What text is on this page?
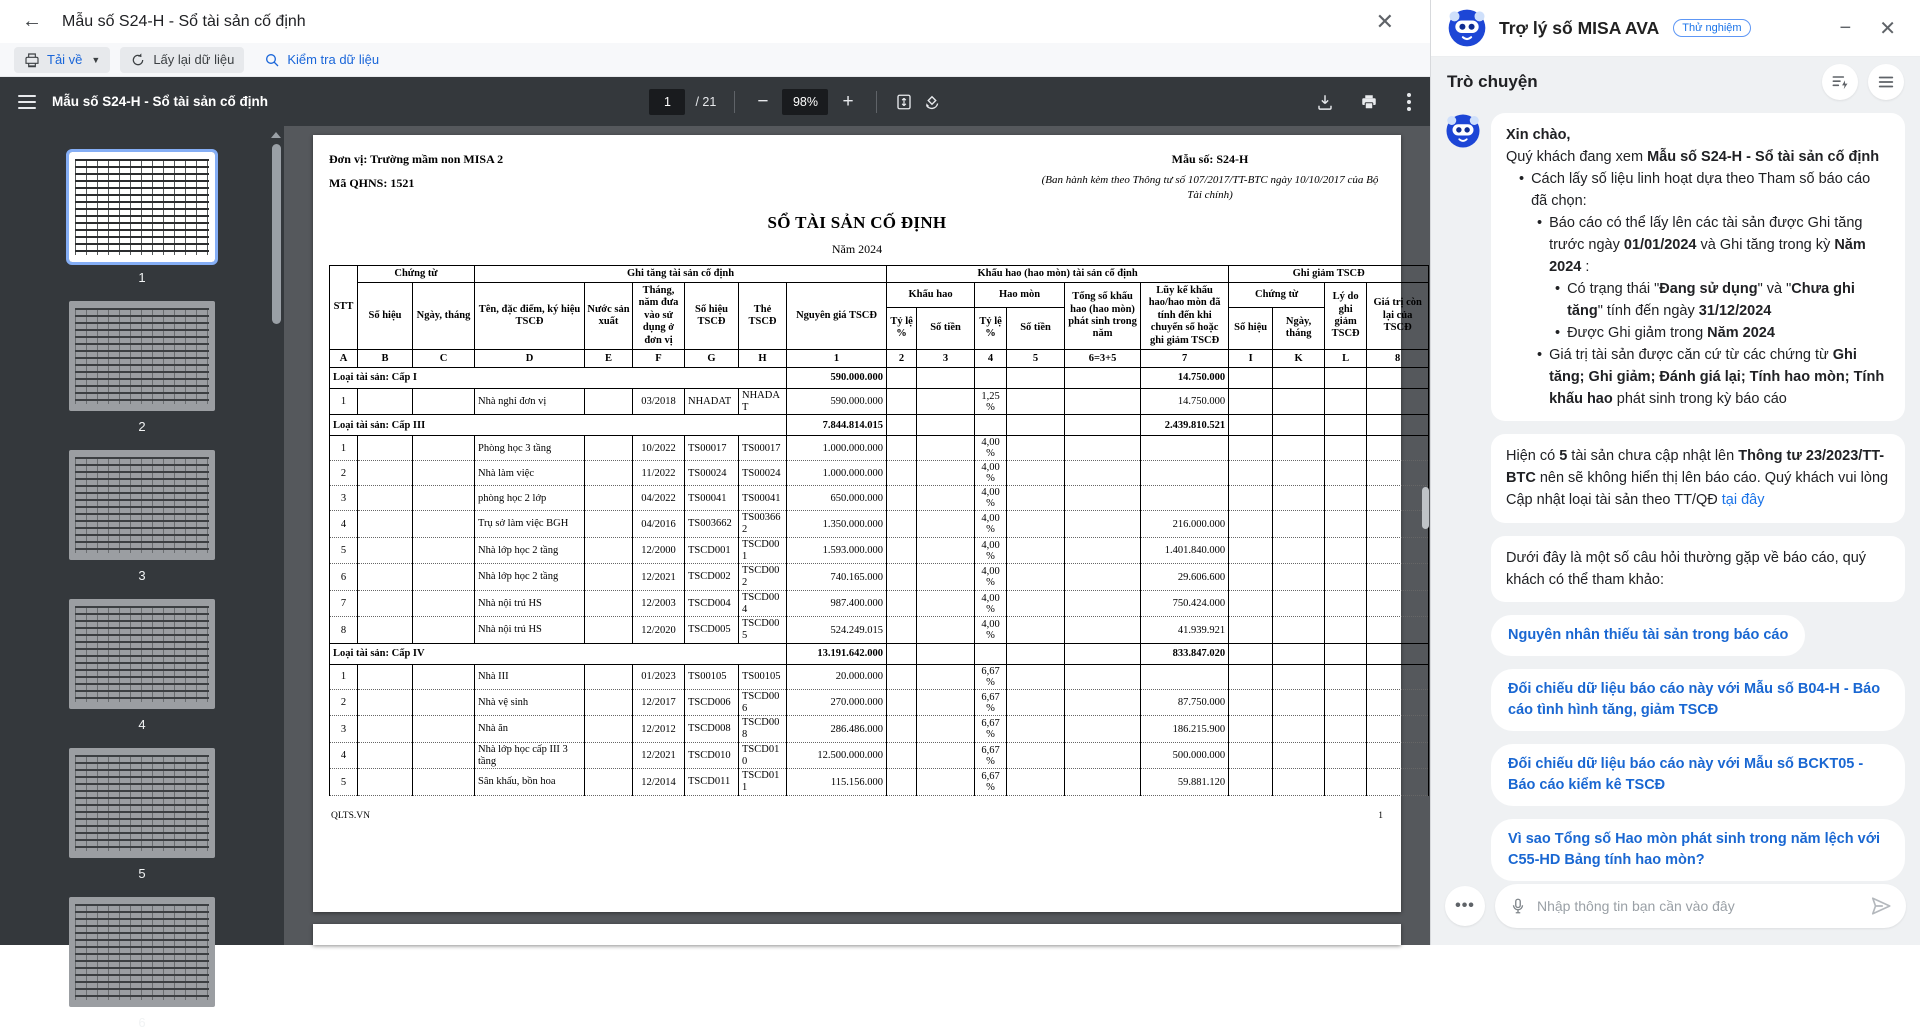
← Mẫu số S24-H - Sổ tài sản cố định	✕
Tải về ▼	Lấy lại dữ liệu	Kiểm tra dữ liệu
Mẫu số S24-H - Sổ tài sản cố định
1	/ 21 −	98%	+
1
2
3
4
5
6

Đơn vị: Trường mầm non MISA 2

Mã QHNS: 1521

Mẫu số: S24-H
(Ban hành kèm theo Thông tư số 107/2017/TT-BTC ngày 10/10/2017 của Bộ Tài chính)
SỔ TÀI SẢN CỐ ĐỊNH
Năm 2024
STT	Chứng từ		Ghi tăng tài sản cố định						Khấu hao (hao mòn) tài sản cố định						Ghi giảm TSCĐ			
	Số hiệu	Ngày, tháng	Tên, đặc điểm, ký hiệu TSCĐ	Nước sản xuất	Tháng, năm đưa vào sử dụng ở đơn vị	Số hiệu TSCĐ	Thẻ TSCĐ	Nguyên giá TSCĐ	Khấu hao		Hao mòn		Tổng số khấu hao (hao mòn) phát sinh trong năm	Lũy kế khấu hao/hao mòn đã tính đến khi chuyển sổ hoặc ghi giảm TSCĐ	Chứng từ		Lý do ghi giảm TSCĐ	Giá trị còn lại của TSCĐ
									Tỷ lệ %	Số tiền	Tỷ lệ %	Số tiền			Số hiệu	Ngày, tháng		
A	B	C	D	E	F	G	H	1	2	3	4	5	6=3+5	7	I	K	L	8
Loại tài sản: Cấp I								590.000.000						14.750.000				
1			Nhà nghỉ đơn vị		03/2018	NHADAT	NHADAT	590.000.000			1,25%			14.750.000				
Loại tài sản: Cấp III								7.844.814.015						2.439.810.521				
1			Phòng học 3 tầng		10/2022	TS00017	TS00017	1.000.000.000			4,00%							
2			Nhà làm việc		11/2022	TS00024	TS00024	1.000.000.000			4,00%							
3			phòng học 2 lớp		04/2022	TS00041	TS00041	650.000.000			4,00%							
4			Trụ sở làm việc BGH		04/2016	TS003662	TS003662	1.350.000.000			4,00%			216.000.000				
5			Nhà lớp học 2 tầng		12/2000	TSCD001	TSCD001	1.593.000.000			4,00%			1.401.840.000				
6			Nhà lớp học 2 tầng		12/2021	TSCD002	TSCD002	740.165.000			4,00%			29.606.600				
7			Nhà nội trú HS		12/2003	TSCD004	TSCD004	987.400.000			4,00%			750.424.000				
8			Nhà nội trú HS		12/2020	TSCD005	TSCD005	524.249.015			4,00%			41.939.921				
Loại tài sản: Cấp IV								13.191.642.000						833.847.020				
1			Nhà III		01/2023	TS00105	TS00105	20.000.000			6,67%							
2			Nhà vệ sinh		12/2017	TSCD006	TSCD006	270.000.000			6,67%			87.750.000				
3			Nhà ăn		12/2012	TSCD008	TSCD008	286.486.000			6,67%			186.215.900				
4			Nhà lớp học cấp III 3 tầng		12/2021	TSCD010	TSCD010	12.500.000.000			6,67%			500.000.000				
5			Sân khấu, bồn hoa		12/2014	TSCD011	TSCD011	115.156.000			6,67%			59.881.120				
QLTS.VN	1
Trợ lý số MISA AVA	Thử nghiệm	−	✕
Trò chuyện
Xin chào,
Quý khách đang xem Mẫu số S24-H - Sổ tài sản cố định
• Cách lấy số liệu linh hoạt dựa theo Tham số báo cáo đã chọn:
• Báo cáo có thể lấy lên các tài sản được Ghi tăng trước ngày 01/01/2024 và Ghi tăng trong kỳ Năm 2024 :
• Có trạng thái "Đang sử dụng" và "Chưa ghi tăng" tính đến ngày 31/12/2024
• Được Ghi giảm trong Năm 2024
• Giá trị tài sản được căn cứ từ các chứng từ Ghi tăng; Ghi giảm; Đánh giá lại; Tính hao mòn; Tính khấu hao phát sinh trong kỳ báo cáo
Hiện có 5 tài sản chưa cập nhật lên Thông tư 23/2023/TT-BTC nên sẽ không hiển thị lên báo cáo. Quý khách vui lòng Cập nhật loại tài sản theo TT/QĐ tại đây
Dưới đây là một số câu hỏi thường gặp về báo cáo, quý khách có thể tham khảo:
Nguyên nhân thiếu tài sản trong báo cáo
Đối chiếu dữ liệu báo cáo này với Mẫu số B04-H - Báo cáo tình hình tăng, giảm TSCĐ
Đối chiếu dữ liệu báo cáo này với Mẫu số BCKT05 - Báo cáo kiểm kê TSCĐ
Vì sao Tổng số Hao mòn phát sinh trong năm lệch với C55-HD Bảng tính hao mòn?
•••
Nhập thông tin bạn cần vào đây
